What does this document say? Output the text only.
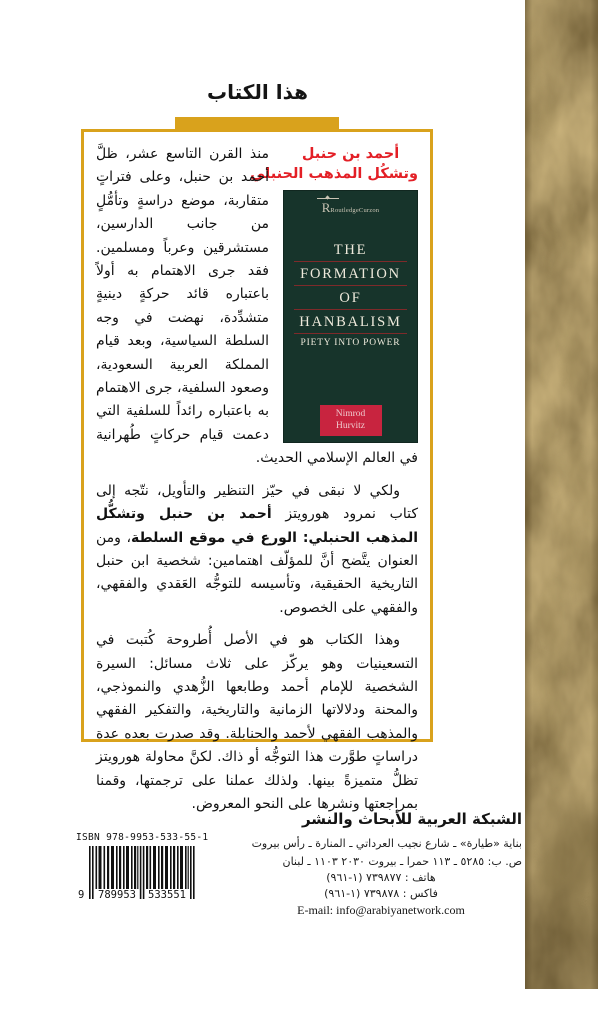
هذا الكتاب
أحمد بن حنبل
وتشكُل المذهب الحنبلي
RRoutledgeCurzon
THE
FORMATION
OF
HANBALISM
PIETY INTO POWER
Nimrod
Hurvitz

منذ القرن التاسع عشر، ظلَّ أحمد بن حنبل، وعلى فتراتٍ متقاربة، موضع دراسةٍ وتأمُّلٍ من جانب الدارسين، مستشرقين وعرباً ومسلمين. فقد جرى الاهتمام به أولاً باعتباره قائد حركةٍ دينيةٍ متشدِّدة، نهضت في وجه السلطة السياسية، وبعد قيام المملكة العربية السعودية، وصعود السلفية، جرى الاهتمام به باعتباره رائداً للسلفية التي دعمت قيام حركاتٍ طُهرانية في العالم الإسلامي الحديث.

ولكي لا نبقى في حيّز التنظير والتأويل، نتّجه إلى كتاب نمرود هورويتز أحمد بن حنبل وتشكُّل المذهب الحنبلي: الورع في موقع السلطة، ومن العنوان يتَّضح أنَّ للمؤلّف اهتمامين: شخصية ابن حنبل التاريخية الحقيقية، وتأسيسه للتوجُّه العَقدي والفقهي، والفقهي على الخصوص.

وهذا الكتاب هو في الأصل أُطروحة كُتبت في التسعينيات وهو يركّز على ثلاث مسائل: السيرة الشخصية للإمام أحمد وطابعها الزُّهدي والنموذجي، والمحنة ودلالاتها الزمانية والتاريخية، والتفكير الفقهي والمذهب الفقهي لأحمد والحنابلة. وقد صدرت بعده عدة دراساتٍ طوَّرت هذا التوجُّه أو ذاك. لكنَّ محاولة هورويتز تظلُّ متميزةً بينها. ولذلك عملنا على ترجمتها، وقمنا بمراجعتها ونشرها على النحو المعروض.

الشبكة العربية للأبحاث والنشر
بناية «طيارة» ـ شارع نجيب العرداتي ـ المنارة ـ رأس بيروت
ص. ب: ٥٢٨٥ ـ ١١٣ حمرا ـ بيروت ٢٠٣٠ ١١٠٣ ـ لبنان
هاتف : ٧٣٩٨٧٧ (١-٩٦١)
فاكس : ٧٣٩٨٧٨ (١-٩٦١)
E-mail: info@arabiyanetwork.com
ISBN 978-9953-533-55-1
9 789953 533551
